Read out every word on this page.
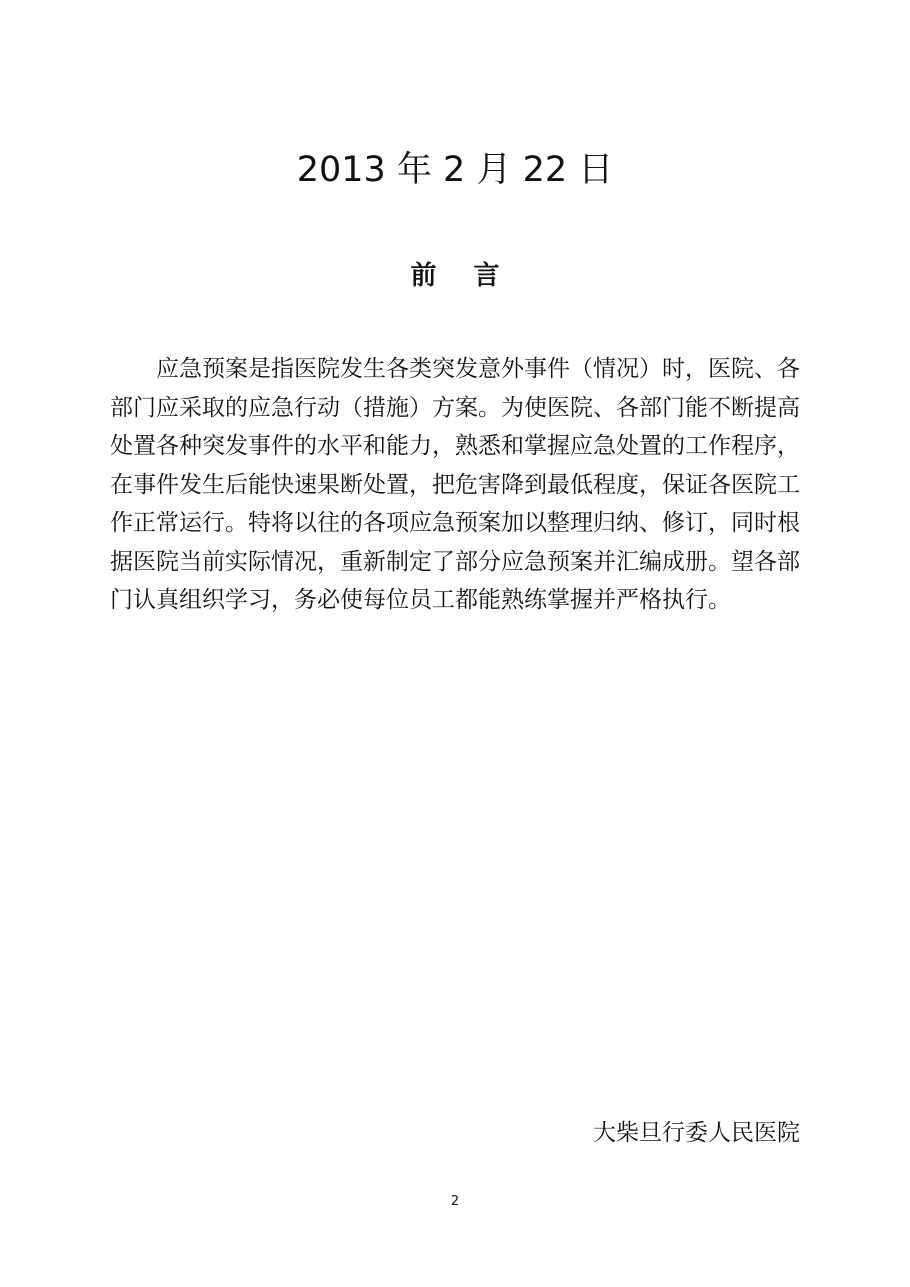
2013 年 2 月 22 日
前 言

应急预案是指医院发生各类突发意外事件（情况）时，医院、各部门应采取的应急行动（措施）方案。为使医院、各部门能不断提高处置各种突发事件的水平和能力，熟悉和掌握应急处置的工作程序，在事件发生后能快速果断处置，把危害降到最低程度，保证各医院工作正常运行。特将以往的各项应急预案加以整理归纳、修订，同时根据医院当前实际情况，重新制定了部分应急预案并汇编成册。望各部门认真组织学习，务必使每位员工都能熟练掌握并严格执行。

大柴旦行委人民医院
2
